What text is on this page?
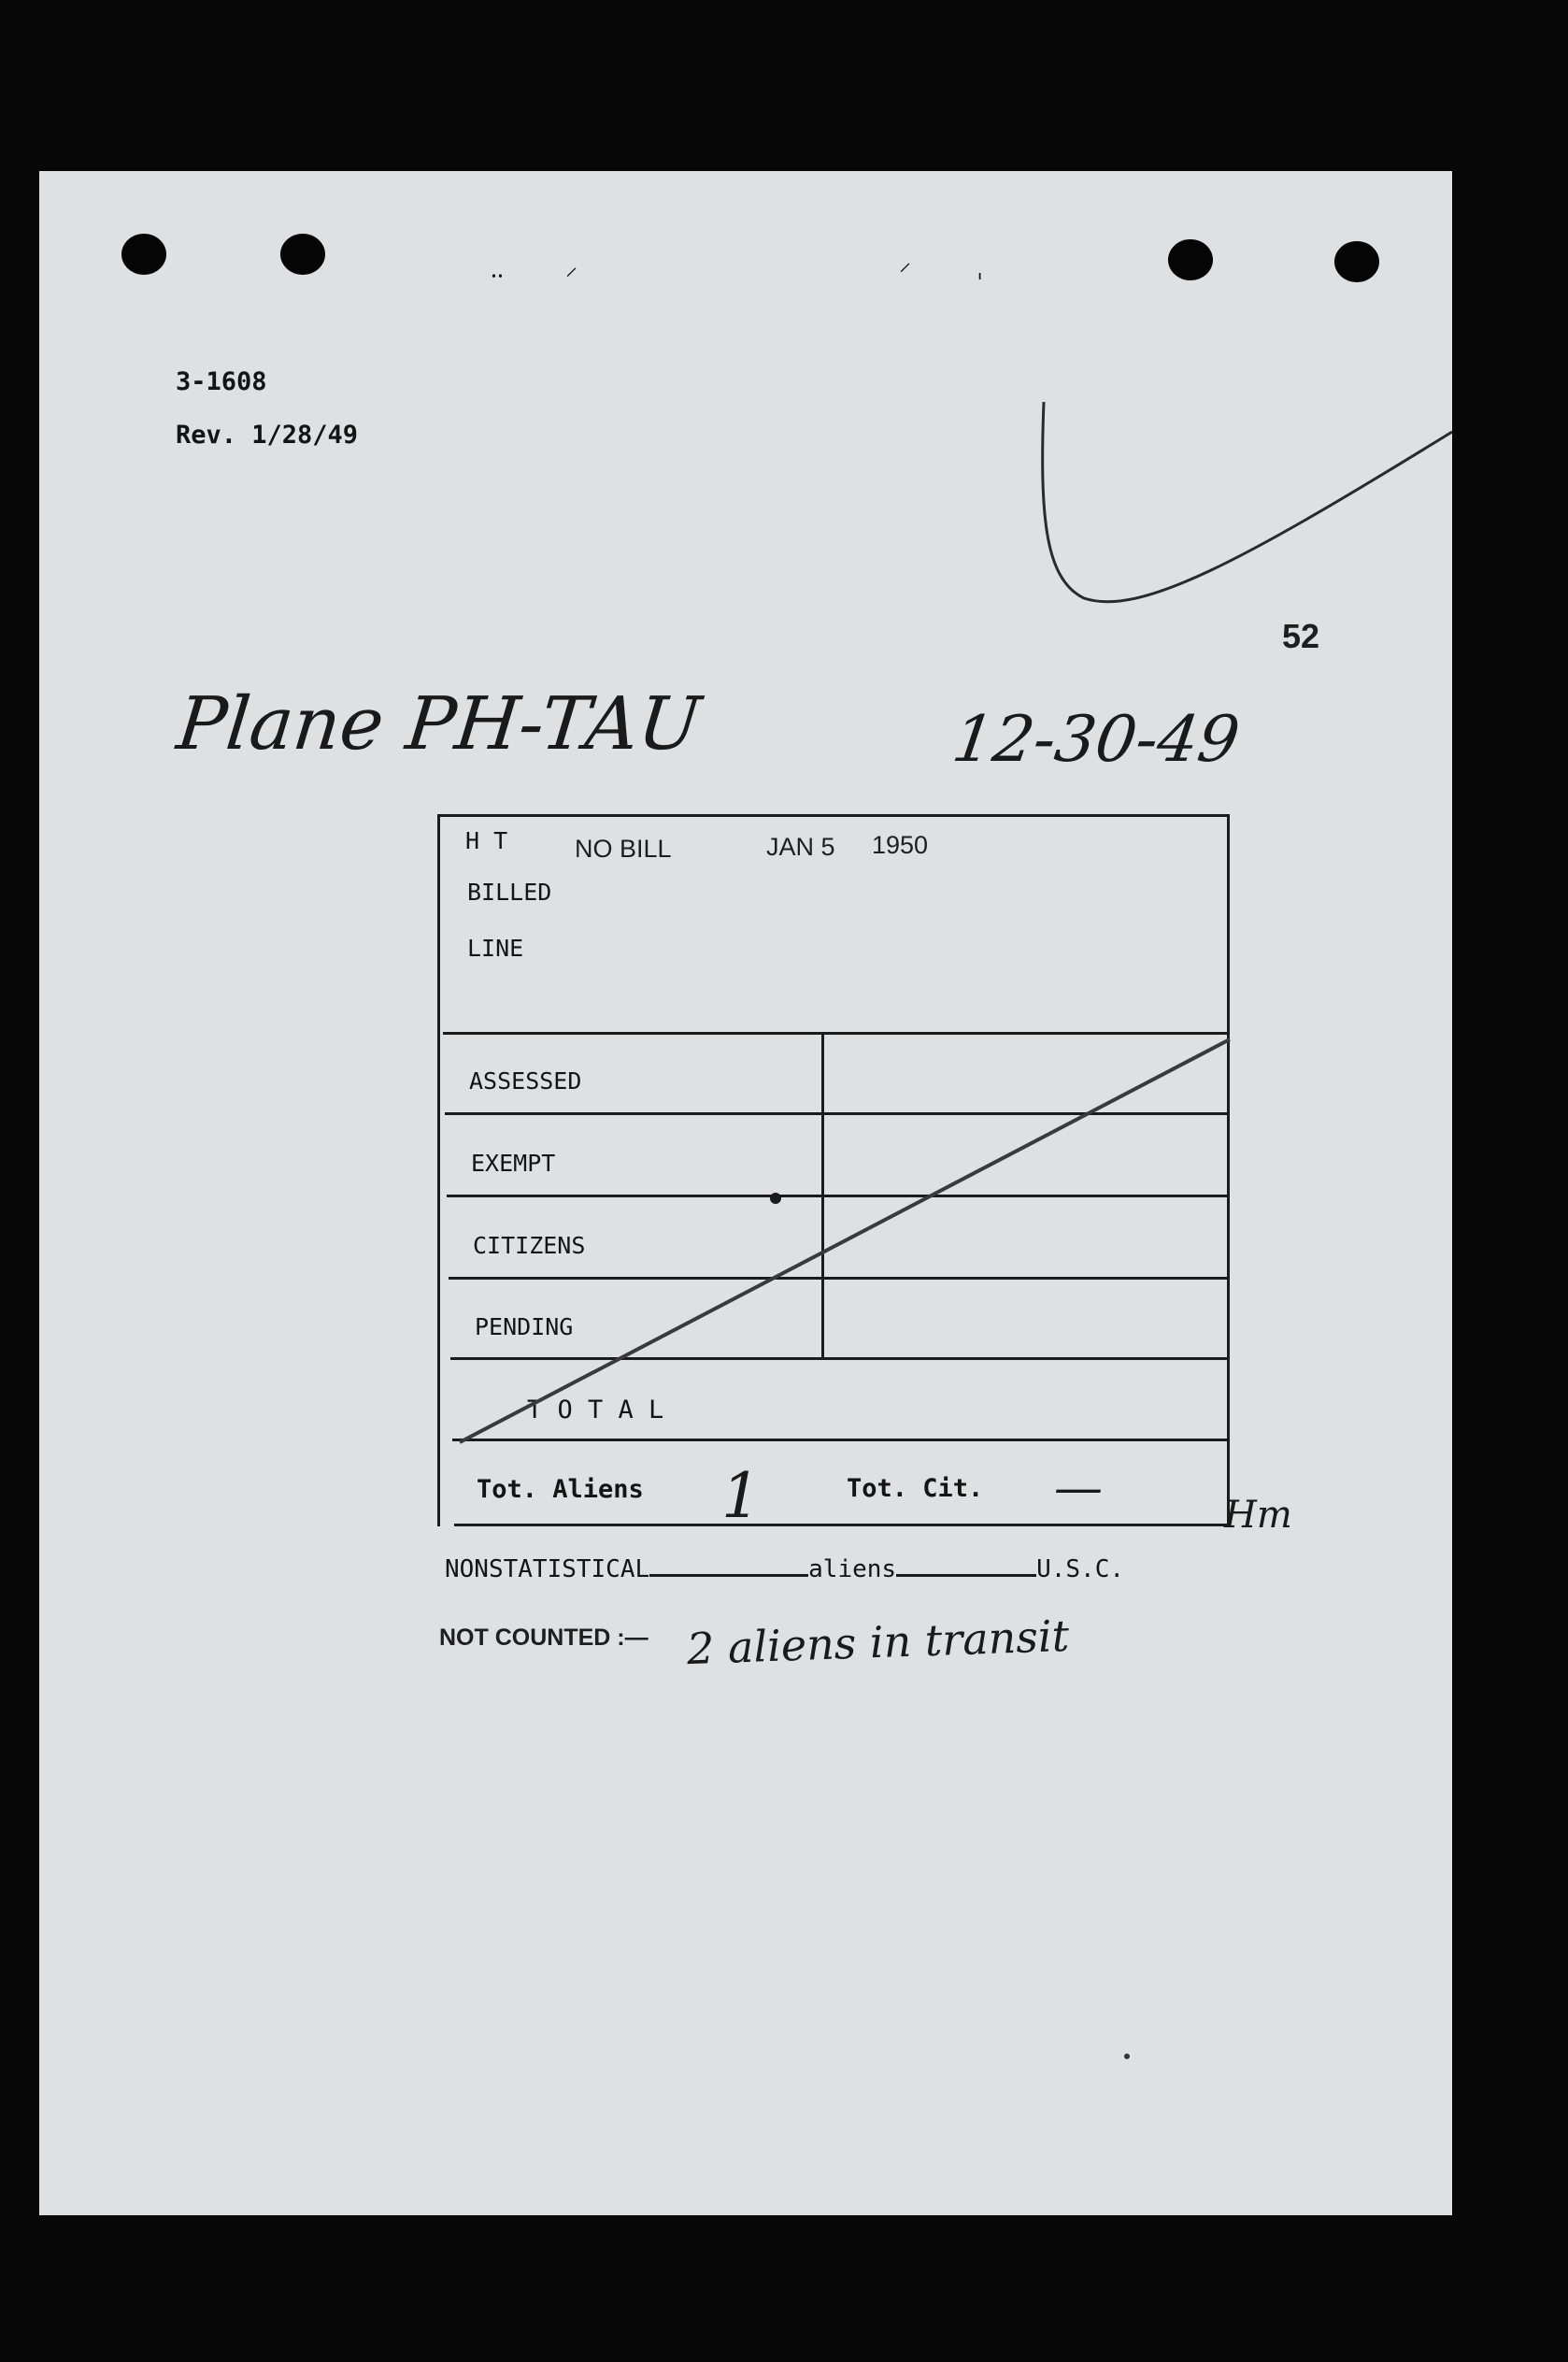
⸳⸳	⸝	⸍	ˌ
3-1608
Rev. 1/28/49
52
Plane PH-TAU	12-30-49
NO BILL	JAN 5 1950
H T
BILLED
LINE
ASSESSED
EXEMPT
CITIZENS
PENDING
T O T A L
Tot. Aliens 1	Tot. Cit. —	Hm
NONSTATISTICAL	aliens	U.S.C.
NOT COUNTED :— 2 aliens in transit
